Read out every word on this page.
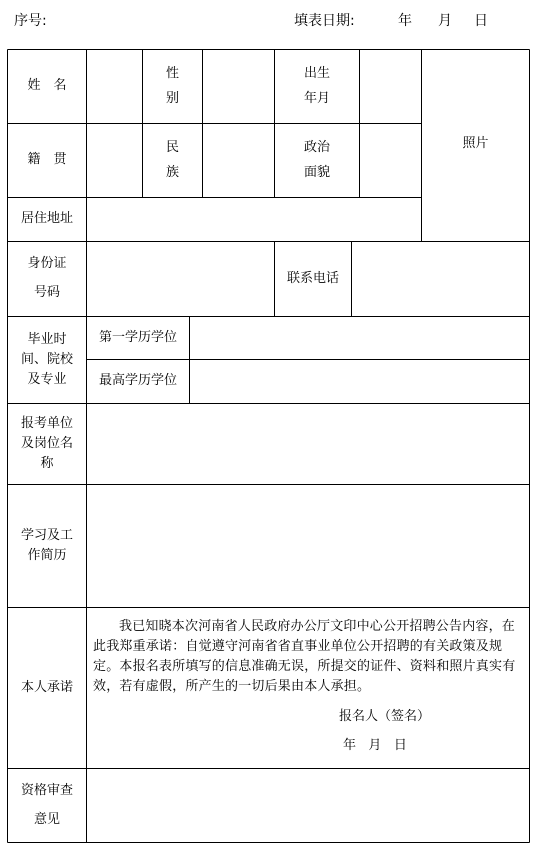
序号:	填表日期:	年 月 日
姓　名
性
别
出生
年月
照片
籍　贯
民
族
政治
面貌
居住地址
身份证
号码
联系电话
毕业时
间、院校
及专业
第一学历学位
最高学历学位
报考单位
及岗位名
称
学习及工
作简历
本人承诺
我已知晓本次河南省人民政府办公厅文印中心公开招聘公告内容，在此我郑重承诺：自觉遵守河南省省直事业单位公开招聘的有关政策及规定。本报名表所填写的信息准确无误，所提交的证件、资料和照片真实有效，若有虚假，所产生的一切后果由本人承担。
报名人（签名）
年 月 日
资格审查
意见
